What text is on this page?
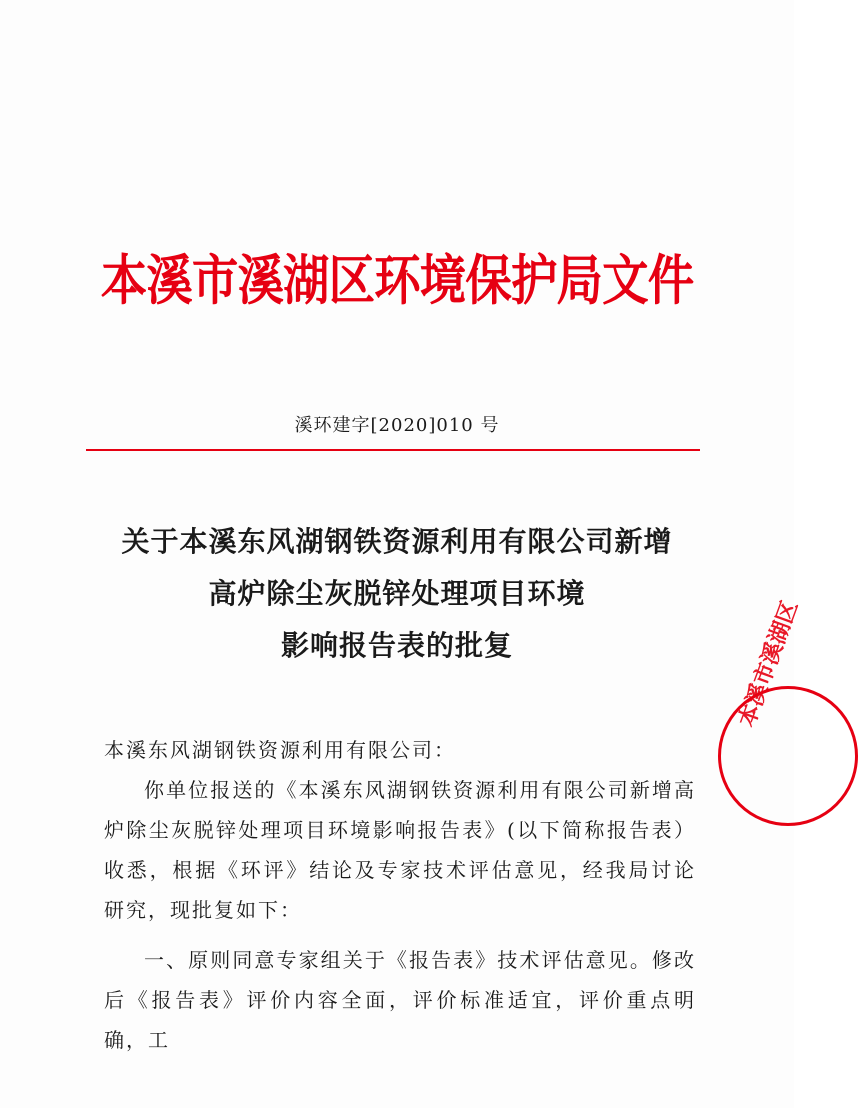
本溪市溪湖区环境保护局文件
溪环建字[2020]010 号
关于本溪东风湖钢铁资源利用有限公司新增
高炉除尘灰脱锌处理项目环境
影响报告表的批复

本溪东风湖钢铁资源利用有限公司：

你单位报送的《本溪东风湖钢铁资源利用有限公司新增高炉除尘灰脱锌处理项目环境影响报告表》(以下简称报告表）收悉，根据《环评》结论及专家技术评估意见，经我局讨论研究，现批复如下：

一、原则同意专家组关于《报告表》技术评估意见。修改后《报告表》评价内容全面，评价标准适宜，评价重点明确，工

本溪市溪湖区
